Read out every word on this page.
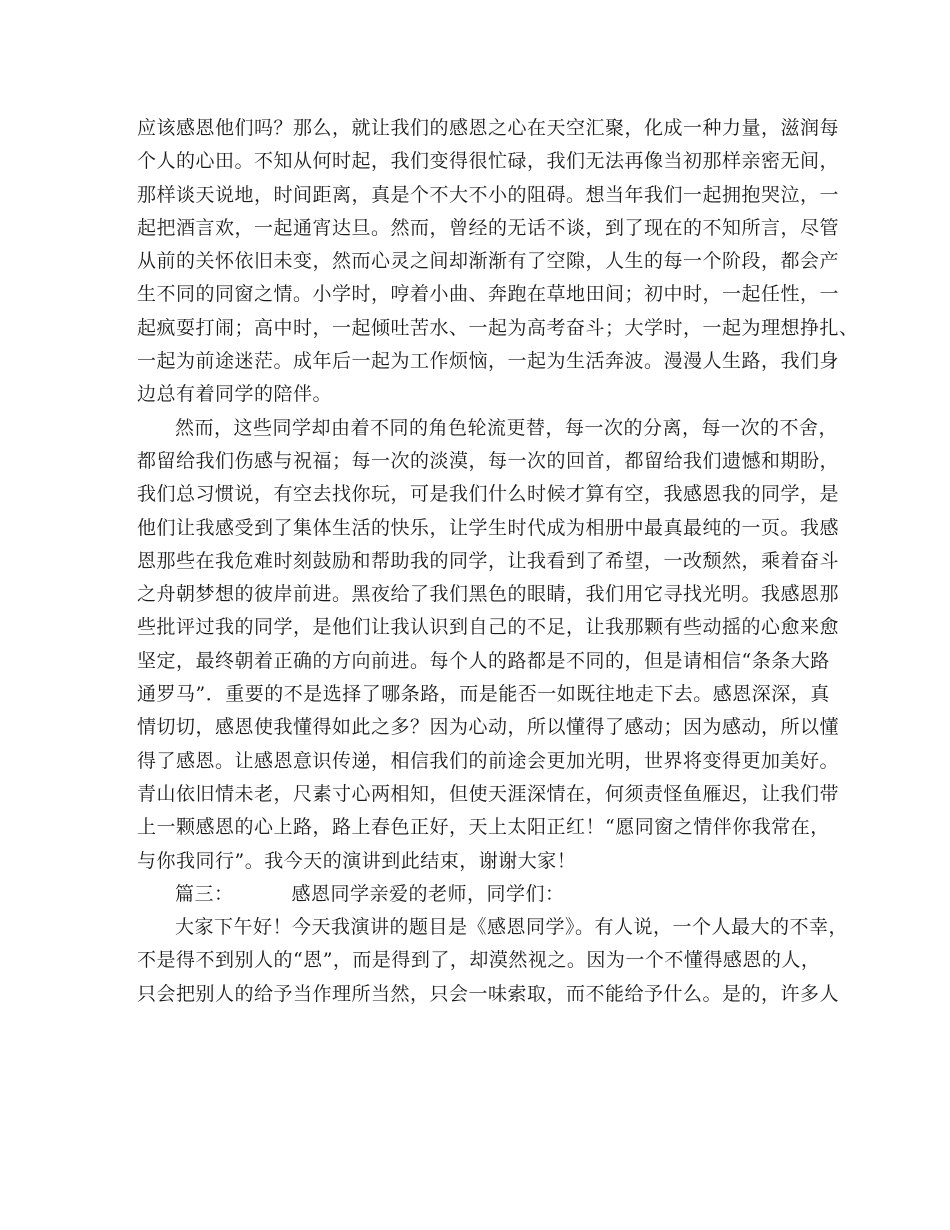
应该感恩他们吗？那么，就让我们的感恩之心在天空汇聚，化成一种力量，滋润每
个人的心田。不知从何时起，我们变得很忙碌，我们无法再像当初那样亲密无间，
那样谈天说地，时间距离，真是个不大不小的阻碍。想当年我们一起拥抱哭泣，一
起把酒言欢，一起通宵达旦。然而，曾经的无话不谈，到了现在的不知所言，尽管
从前的关怀依旧未变，然而心灵之间却渐渐有了空隙，人生的每一个阶段，都会产
生不同的同窗之情。小学时，哼着小曲、奔跑在草地田间；初中时，一起任性，一
起疯耍打闹；高中时，一起倾吐苦水、一起为高考奋斗；大学时，一起为理想挣扎、
一起为前途迷茫。成年后一起为工作烦恼，一起为生活奔波。漫漫人生路，我们身
边总有着同学的陪伴。
然而，这些同学却由着不同的角色轮流更替，每一次的分离，每一次的不舍，
都留给我们伤感与祝福；每一次的淡漠，每一次的回首，都留给我们遗憾和期盼，
我们总习惯说，有空去找你玩，可是我们什么时候才算有空，我感恩我的同学，是
他们让我感受到了集体生活的快乐，让学生时代成为相册中最真最纯的一页。我感
恩那些在我危难时刻鼓励和帮助我的同学，让我看到了希望，一改颓然，乘着奋斗
之舟朝梦想的彼岸前进。黑夜给了我们黑色的眼睛，我们用它寻找光明。我感恩那
些批评过我的同学，是他们让我认识到自己的不足，让我那颗有些动摇的心愈来愈
坚定，最终朝着正确的方向前进。每个人的路都是不同的，但是请相信“条条大路
通罗马”．重要的不是选择了哪条路，而是能否一如既往地走下去。感恩深深，真
情切切，感恩使我懂得如此之多？因为心动，所以懂得了感动；因为感动，所以懂
得了感恩。让感恩意识传递，相信我们的前途会更加光明，世界将变得更加美好。
青山依旧情未老，尺素寸心两相知，但使天涯深情在，何须责怪鱼雁迟，让我们带
上一颗感恩的心上路，路上春色正好，天上太阳正红！“愿同窗之情伴你我常在，
与你我同行”。我今天的演讲到此结束，谢谢大家！
篇三：	感恩同学亲爱的老师，同学们：
大家下午好！今天我演讲的题目是《感恩同学》。有人说，一个人最大的不幸，
不是得不到别人的“恩”，而是得到了，却漠然视之。因为一个不懂得感恩的人，
只会把别人的给予当作理所当然，只会一味索取，而不能给予什么。是的，许多人
